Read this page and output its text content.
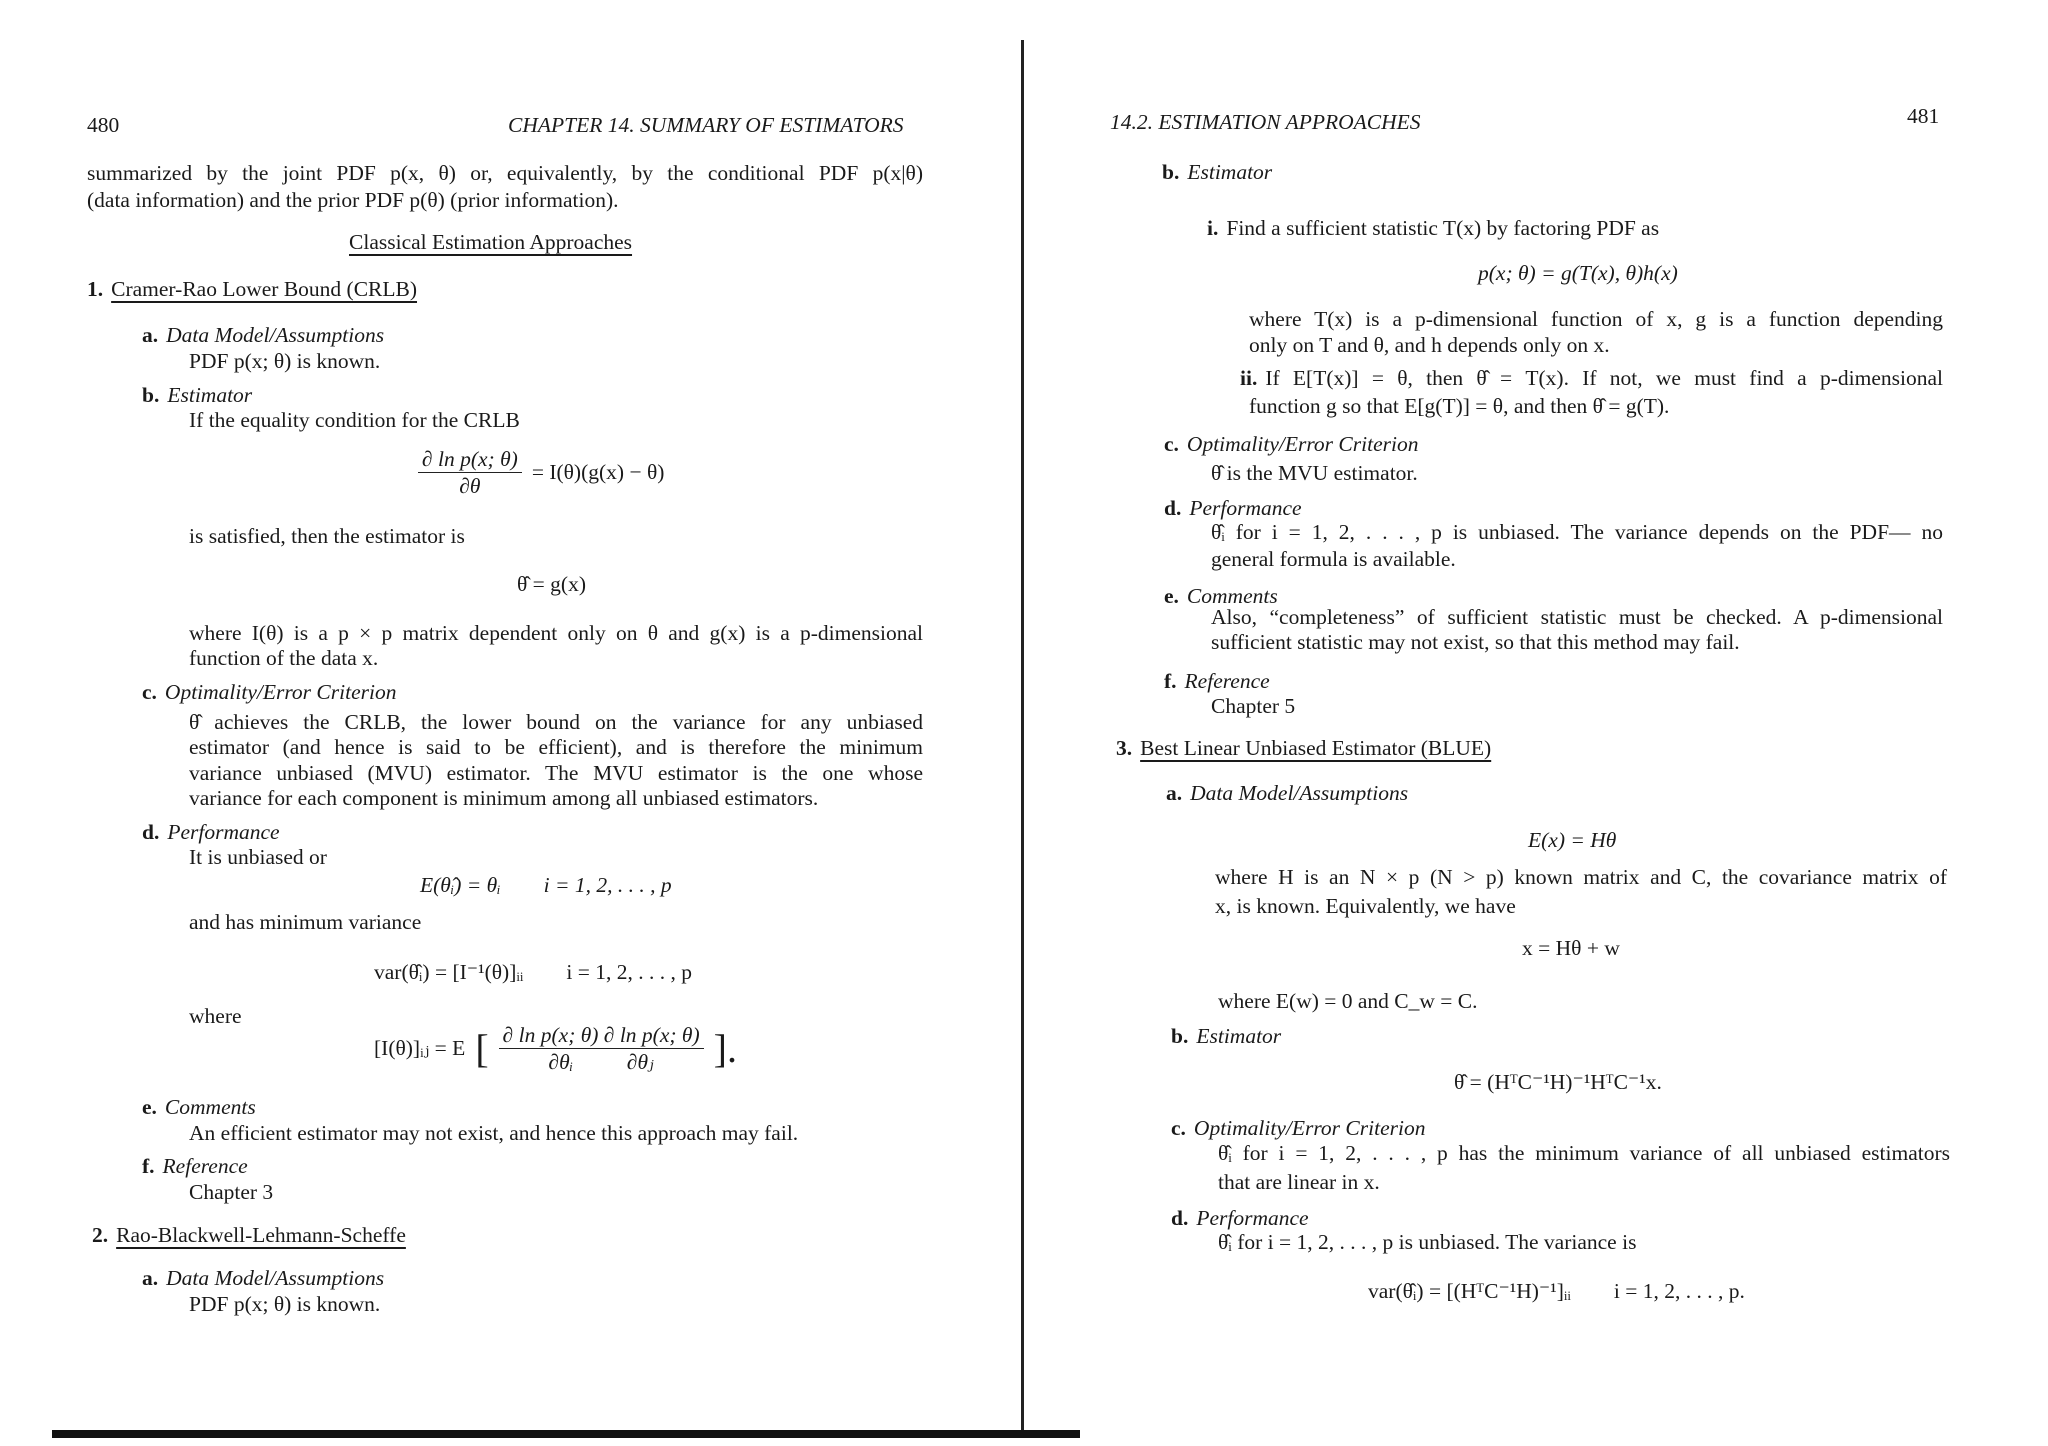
480	CHAPTER 14. SUMMARY OF ESTIMATORS
summarized by the joint PDF p(x, θ) or, equivalently, by the conditional PDF p(x|θ)
(data information) and the prior PDF p(θ) (prior information).
Classical Estimation Approaches
1. Cramer-Rao Lower Bound (CRLB)
a. Data Model/Assumptions
PDF p(x; θ) is known.
b. Estimator
If the equality condition for the CRLB
$\frac{\text{∂ ln p(x; θ)}}{\partial\theta} = I(\theta)(g(x) - \theta)$
is satisfied, then the estimator is
θ̂ = g(x)
where I(θ) is a p × p matrix dependent only on θ and g(x) is a p-dimensional
function of the data x.
c. Optimality/Error Criterion
θ̂ achieves the CRLB, the lower bound on the variance for any unbiased
estimator (and hence is said to be efficient), and is therefore the minimum
variance unbiased (MVU) estimator. The MVU estimator is the one whose
variance for each component is minimum among all unbiased estimators.
d. Performance
It is unbiased or
E(θ̂ᵢ) = θᵢ        i = 1, 2, . . . , p
and has minimum variance
var(θ̂ᵢ) = [I⁻¹(θ)]ᵢᵢ        i = 1, 2, . . . , p
where
[I(θ)]ᵢⱼ = E [ $\frac{\text{∂ ln p(x; θ) ∂ ln p(x; θ)}}{\text{∂θᵢ          ∂θⱼ}}$ ].
e. Comments
An efficient estimator may not exist, and hence this approach may fail.
f. Reference
Chapter 3
2. Rao-Blackwell-Lehmann-Scheffe
a. Data Model/Assumptions
PDF p(x; θ) is known.
14.2. ESTIMATION APPROACHES	481
b. Estimator
i. Find a sufficient statistic T(x) by factoring PDF as
p(x; θ) = g(T(x), θ)h(x)
where T(x) is a p-dimensional function of x, g is a function depending
only on T and θ, and h depends only on x.
ii. If E[T(x)] = θ, then θ̂ = T(x). If not, we must find a p-dimensional
function g so that E[g(T)] = θ, and then θ̂ = g(T).
c. Optimality/Error Criterion
θ̂ is the MVU estimator.
d. Performance
θ̂ᵢ for i = 1, 2, . . . , p is unbiased. The variance depends on the PDF— no
general formula is available.
e. Comments
Also, “completeness” of sufficient statistic must be checked. A p-dimensional
sufficient statistic may not exist, so that this method may fail.
f. Reference
Chapter 5
3. Best Linear Unbiased Estimator (BLUE)
a. Data Model/Assumptions
E(x) = Hθ
where H is an N × p (N > p) known matrix and C, the covariance matrix of
x, is known. Equivalently, we have
x = Hθ + w
where E(w) = 0 and C_w = C.
b. Estimator
θ̂ = (HᵀC⁻¹H)⁻¹HᵀC⁻¹x.
c. Optimality/Error Criterion
θ̂ᵢ for i = 1, 2, . . . , p has the minimum variance of all unbiased estimators
that are linear in x.
d. Performance
θ̂ᵢ for i = 1, 2, . . . , p is unbiased. The variance is
var(θ̂ᵢ) = [(HᵀC⁻¹H)⁻¹]ᵢᵢ        i = 1, 2, . . . , p.
